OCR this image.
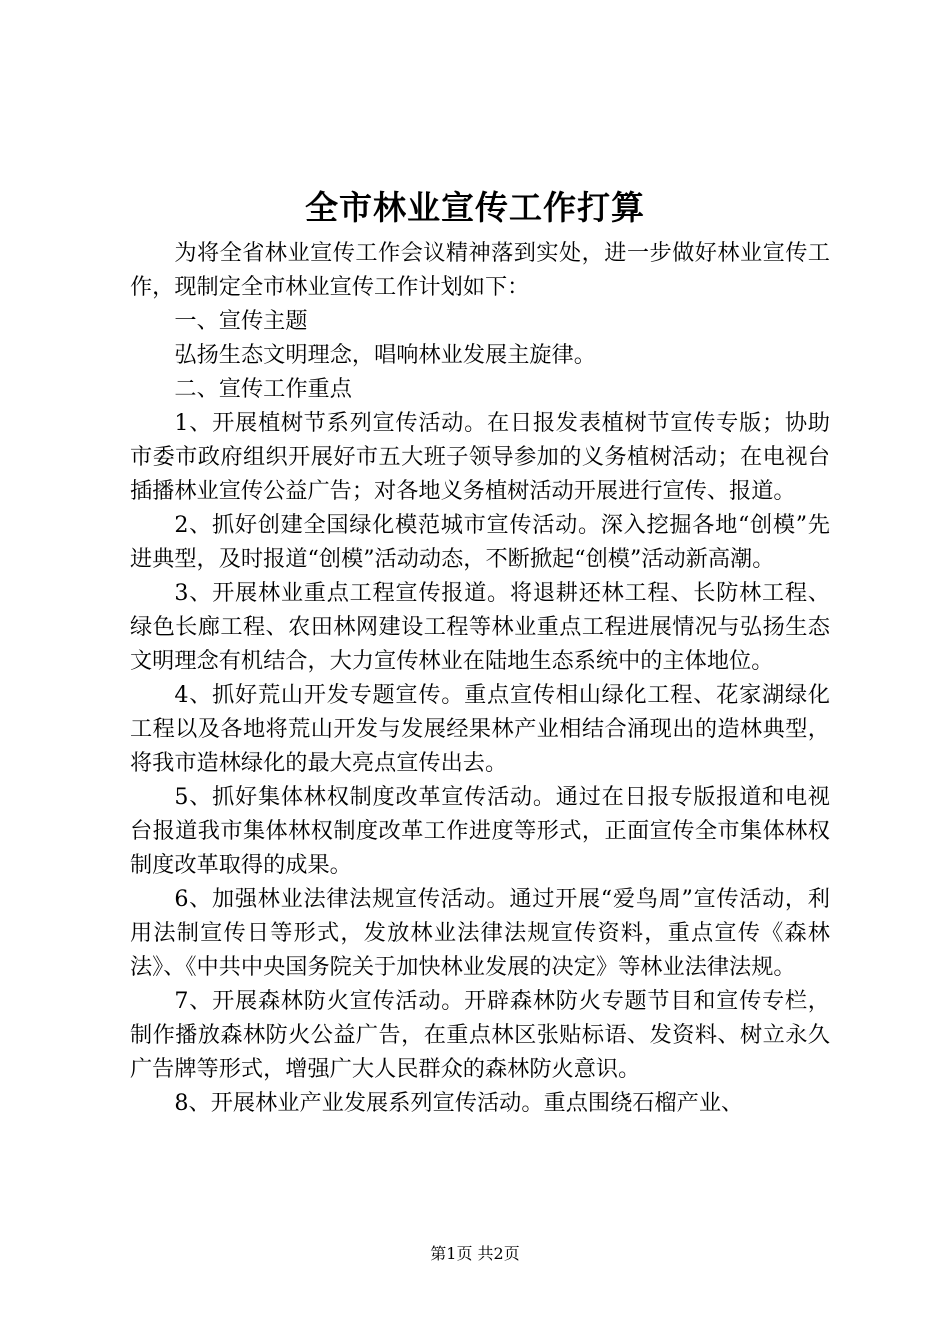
全市林业宣传工作打算

为将全省林业宣传工作会议精神落到实处，进一步做好林业宣传工作，现制定全市林业宣传工作计划如下：

一、宣传主题

弘扬生态文明理念，唱响林业发展主旋律。

二、宣传工作重点

1、开展植树节系列宣传活动。在日报发表植树节宣传专版；协助市委市政府组织开展好市五大班子领导参加的义务植树活动；在电视台插播林业宣传公益广告；对各地义务植树活动开展进行宣传、报道。

2、抓好创建全国绿化模范城市宣传活动。深入挖掘各地“创模”先进典型，及时报道“创模”活动动态，不断掀起“创模”活动新高潮。

3、开展林业重点工程宣传报道。将退耕还林工程、长防林工程、绿色长廊工程、农田林网建设工程等林业重点工程进展情况与弘扬生态文明理念有机结合，大力宣传林业在陆地生态系统中的主体地位。

4、抓好荒山开发专题宣传。重点宣传相山绿化工程、花家湖绿化工程以及各地将荒山开发与发展经果林产业相结合涌现出的造林典型，将我市造林绿化的最大亮点宣传出去。

5、抓好集体林权制度改革宣传活动。通过在日报专版报道和电视台报道我市集体林权制度改革工作进度等形式，正面宣传全市集体林权制度改革取得的成果。

6、加强林业法律法规宣传活动。通过开展“爱鸟周”宣传活动，利用法制宣传日等形式，发放林业法律法规宣传资料，重点宣传《森林法》、《中共中央国务院关于加快林业发展的决定》等林业法律法规。

7、开展森林防火宣传活动。开辟森林防火专题节目和宣传专栏，制作播放森林防火公益广告，在重点林区张贴标语、发资料、树立永久广告牌等形式，增强广大人民群众的森林防火意识。

8、开展林业产业发展系列宣传活动。重点围绕石榴产业、

第1页 共2页
